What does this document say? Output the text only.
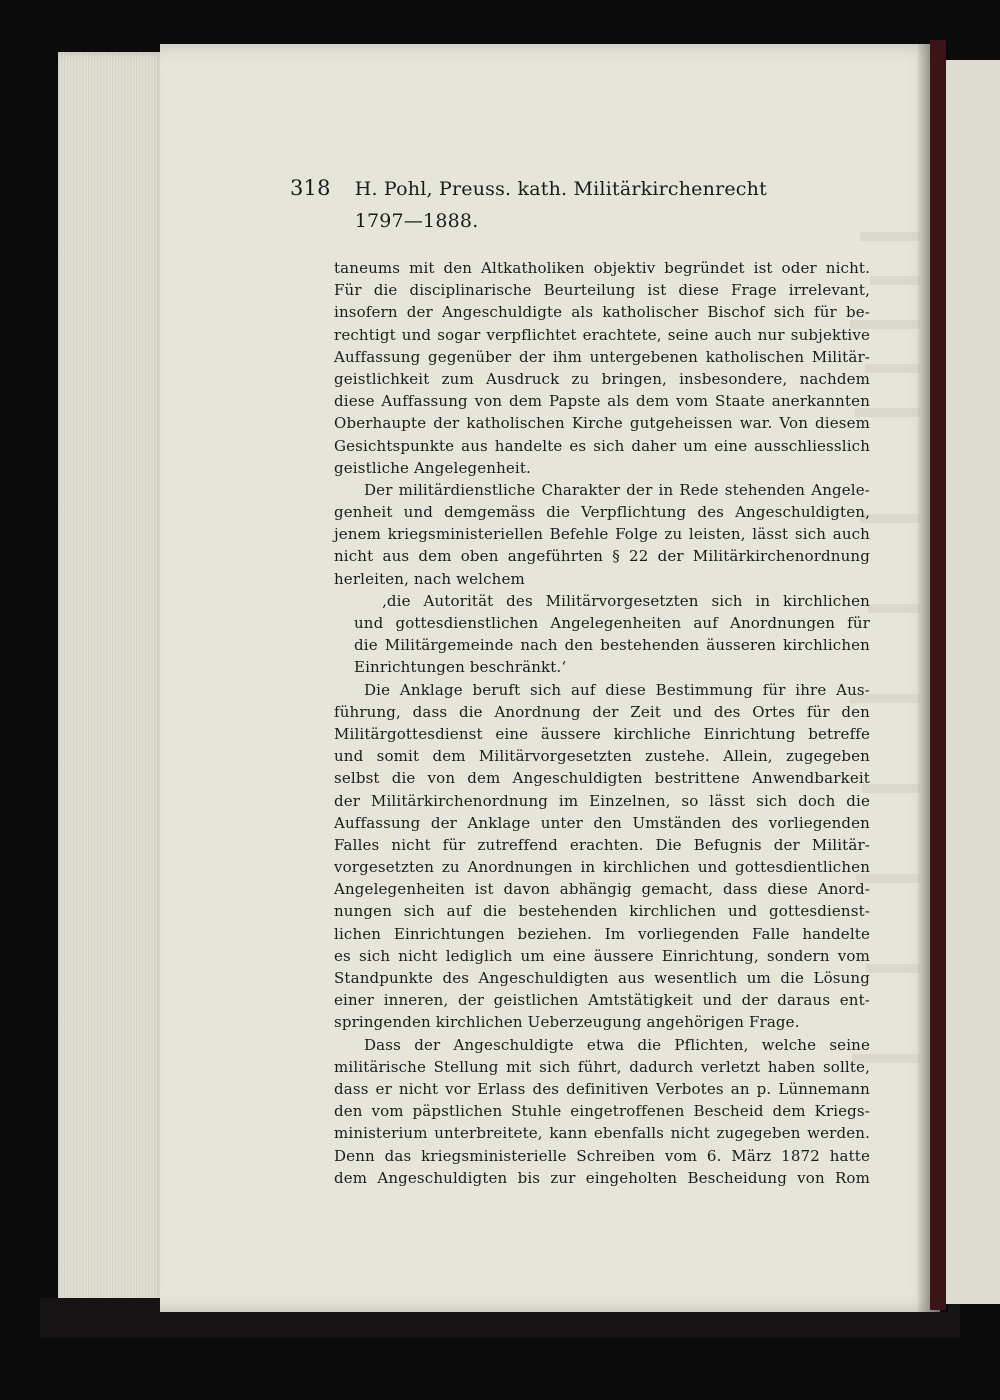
318 H. Pohl, Preuss. kath. Militärkirchenrecht 1797—1888.
taneums mit den Altkatholiken objektiv begründet ist oder nicht.
Für die disciplinarische Beurteilung ist diese Frage irrelevant,
insofern der Angeschuldigte als katholischer Bischof sich für be-
rechtigt und sogar verpflichtet erachtete, seine auch nur subjektive
Auffassung gegenüber der ihm untergebenen katholischen Militär-
geistlichkeit zum Ausdruck zu bringen, insbesondere, nachdem
diese Auffassung von dem Papste als dem vom Staate anerkannten
Oberhaupte der katholischen Kirche gutgeheissen war. Von diesem
Gesichtspunkte aus handelte es sich daher um eine ausschliesslich
geistliche Angelegenheit.
Der militärdienstliche Charakter der in Rede stehenden Angele-
genheit und demgemäss die Verpflichtung des Angeschuldigten,
jenem kriegsministeriellen Befehle Folge zu leisten, lässt sich auch
nicht aus dem oben angeführten § 22 der Militärkirchenordnung
herleiten, nach welchem
‚die Autorität des Militärvorgesetzten sich in kirchlichen
und gottesdienstlichen Angelegenheiten auf Anordnungen für
die Militärgemeinde nach den bestehenden äusseren kirchlichen
Einrichtungen beschränkt.‘
Die Anklage beruft sich auf diese Bestimmung für ihre Aus-
führung, dass die Anordnung der Zeit und des Ortes für den
Militärgottesdienst eine äussere kirchliche Einrichtung betreffe
und somit dem Militärvorgesetzten zustehe. Allein, zugegeben
selbst die von dem Angeschuldigten bestrittene Anwendbarkeit
der Militärkirchenordnung im Einzelnen, so lässt sich doch die
Auffassung der Anklage unter den Umständen des vorliegenden
Falles nicht für zutreffend erachten. Die Befugnis der Militär-
vorgesetzten zu Anordnungen in kirchlichen und gottesdientlichen
Angelegenheiten ist davon abhängig gemacht, dass diese Anord-
nungen sich auf die bestehenden kirchlichen und gottesdienst-
lichen Einrichtungen beziehen. Im vorliegenden Falle handelte
es sich nicht lediglich um eine äussere Einrichtung, sondern vom
Standpunkte des Angeschuldigten aus wesentlich um die Lösung
einer inneren, der geistlichen Amtstätigkeit und der daraus ent-
springenden kirchlichen Ueberzeugung angehörigen Frage.
Dass der Angeschuldigte etwa die Pflichten, welche seine
militärische Stellung mit sich führt, dadurch verletzt haben sollte,
dass er nicht vor Erlass des definitiven Verbotes an p. Lünnemann
den vom päpstlichen Stuhle eingetroffenen Bescheid dem Kriegs-
ministerium unterbreitete, kann ebenfalls nicht zugegeben werden.
Denn das kriegsministerielle Schreiben vom 6. März 1872 hatte
dem Angeschuldigten bis zur eingeholten Bescheidung von Rom
